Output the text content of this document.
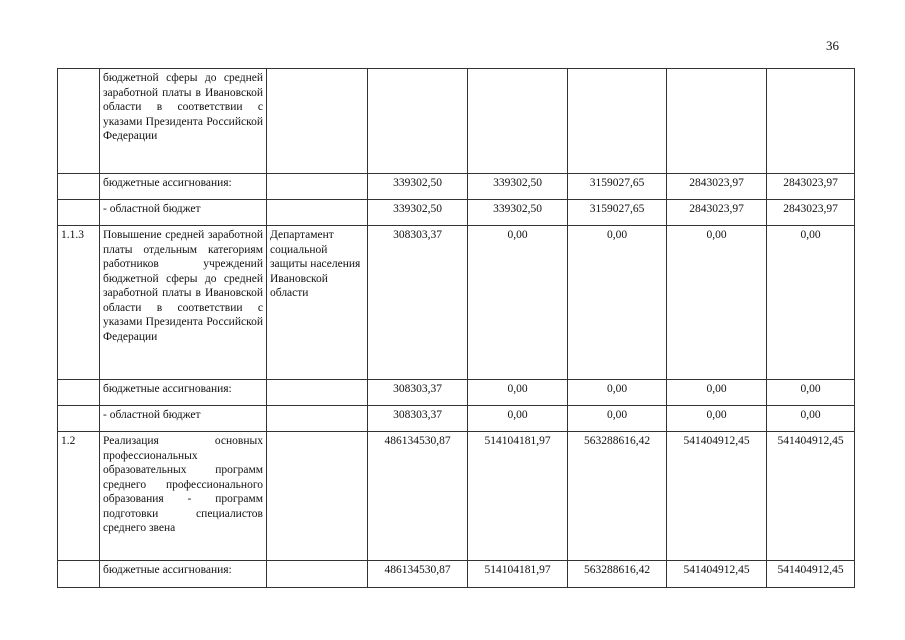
36
	бюджетной сферы до средней заработной платы в Ивановской области в соответствии с указами Президента Российской Федерации						
	бюджетные ассигнования:		339302,50	339302,50	3159027,65	2843023,97	2843023,97
	- областной бюджет		339302,50	339302,50	3159027,65	2843023,97	2843023,97
1.1.3	Повышение средней заработной платы отдельным категориям работников учреждений бюджетной сферы до средней заработной платы в Ивановской области в соответствии с указами Президента Российской Федерации	Департамент социальной защиты населения Ивановской области	308303,37	0,00	0,00	0,00	0,00
	бюджетные ассигнования:		308303,37	0,00	0,00	0,00	0,00
	- областной бюджет		308303,37	0,00	0,00	0,00	0,00
1.2	Реализация основных профессиональных образовательных программ среднего профессионального образования - программ подготовки специалистов среднего звена		486134530,87	514104181,97	563288616,42	541404912,45	541404912,45
	бюджетные ассигнования:		486134530,87	514104181,97	563288616,42	541404912,45	541404912,45
